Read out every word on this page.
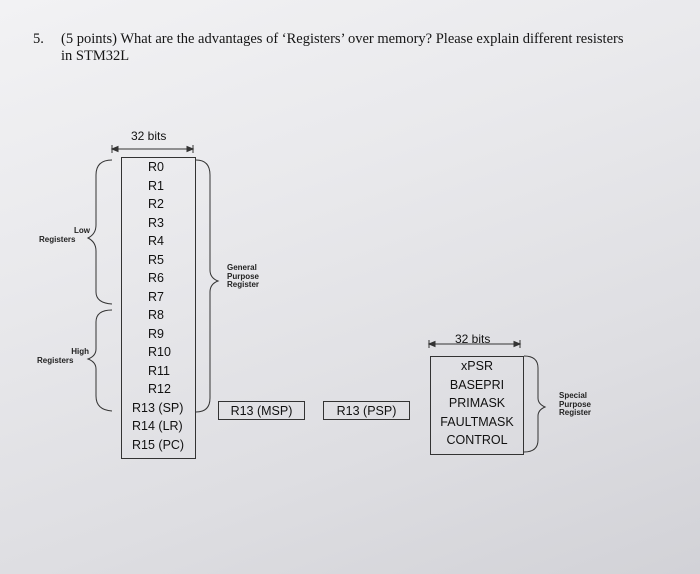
5. (5 points) What are the advantages of ‘Registers’ over memory? Please explain different resisters
in STM32L
32 bits
32 bits
Low
Registers
High
Registers
R0
R1
R2
R3
R4
R5
R6
R7
R8
R9
R10
R11
R12
R13 (SP)
R14 (LR)
R15 (PC)
General
Purpose
Register
R13 (MSP)	R13 (PSP)
xPSR
BASEPRI
PRIMASK
FAULTMASK
CONTROL
Special
Purpose
Register
